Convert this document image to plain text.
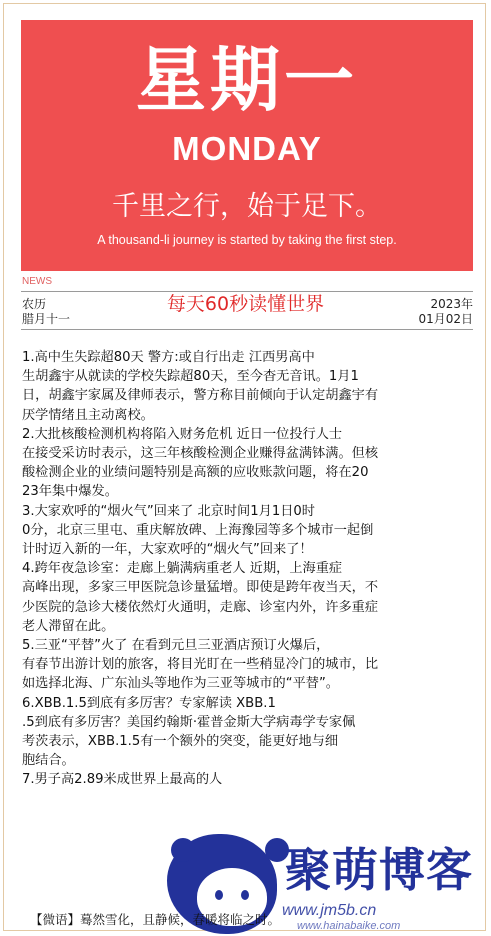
星期一
MONDAY
千里之行，始于足下。
A thousand-li journey is started by taking the first step.
NEWS
农历
腊月十一
每天60秒读懂世界	2023年
01月02日

1.高中生失踪超80天 警方:或自行出走 江西男高中

生胡鑫宇从就读的学校失踪超80天，至今杳无音讯。1月1

日，胡鑫宇家属及律师表示，警方称目前倾向于认定胡鑫宇有

厌学情绪且主动离校。

2.大批核酸检测机构将陷入财务危机 近日一位投行人士

在接受采访时表示，这三年核酸检测企业赚得盆满钵满。但核

酸检测企业的业绩问题特别是高额的应收账款问题，将在20

23年集中爆发。

3.大家欢呼的“烟火气”回来了 北京时间1月1日0时

0分，北京三里屯、重庆解放碑、上海豫园等多个城市一起倒

计时迈入新的一年，大家欢呼的“烟火气”回来了！

4.跨年夜急诊室：走廊上躺满病重老人 近期，上海重症

高峰出现，多家三甲医院急诊量猛增。即使是跨年夜当天，不

少医院的急诊大楼依然灯火通明，走廊、诊室内外，许多重症

老人滞留在此。

5.三亚“平替”火了 在看到元旦三亚酒店预订火爆后，

有春节出游计划的旅客，将目光盯在一些稍显冷门的城市，比

如选择北海、广东汕头等地作为三亚等城市的“平替”。

6.XBB.1.5到底有多厉害？专家解读 XBB.1

.5到底有多厉害？美国约翰斯·霍普金斯大学病毒学专家佩

考茨表示，XBB.1.5有一个额外的突变，能更好地与细

胞结合。

7.男子高2.89米成世界上最高的人

聚萌博客
www.jm5b.cn
www.hainabaike.com
【微语】蓦然雪化，且静候，春暖将临之时。
